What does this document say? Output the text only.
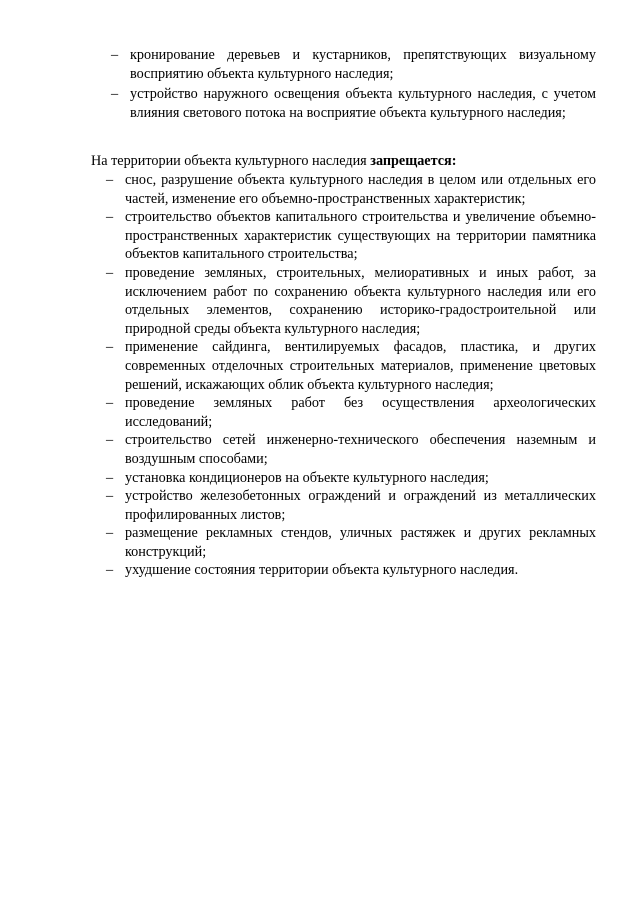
– кронирование деревьев и кустарников, препятствующих визуальному восприятию объекта культурного наследия;
– устройство наружного освещения объекта культурного наследия, с учетом влияния светового потока на восприятие объекта культурного наследия;

На территории объекта культурного наследия запрещается:

– снос, разрушение объекта культурного наследия в целом или отдельных его частей, изменение его объемно-пространственных характеристик;
– строительство объектов капитального строительства и увеличение объемно-пространственных характеристик существующих на территории памятника объектов капитального строительства;
– проведение земляных, строительных, мелиоративных и иных работ, за исключением работ по сохранению объекта культурного наследия или его отдельных элементов, сохранению историко-градостроительной или природной среды объекта культурного наследия;
– применение сайдинга, вентилируемых фасадов, пластика, и других современных отделочных строительных материалов, применение цветовых решений, искажающих облик объекта культурного наследия;
– проведение земляных работ без осуществления археологических исследований;
– строительство сетей инженерно-технического обеспечения наземным и воздушным способами;
– установка кондиционеров на объекте культурного наследия;
– устройство железобетонных ограждений и ограждений из металлических профилированных листов;
– размещение рекламных стендов, уличных растяжек и других рекламных конструкций;
– ухудшение состояния территории объекта культурного наследия.
